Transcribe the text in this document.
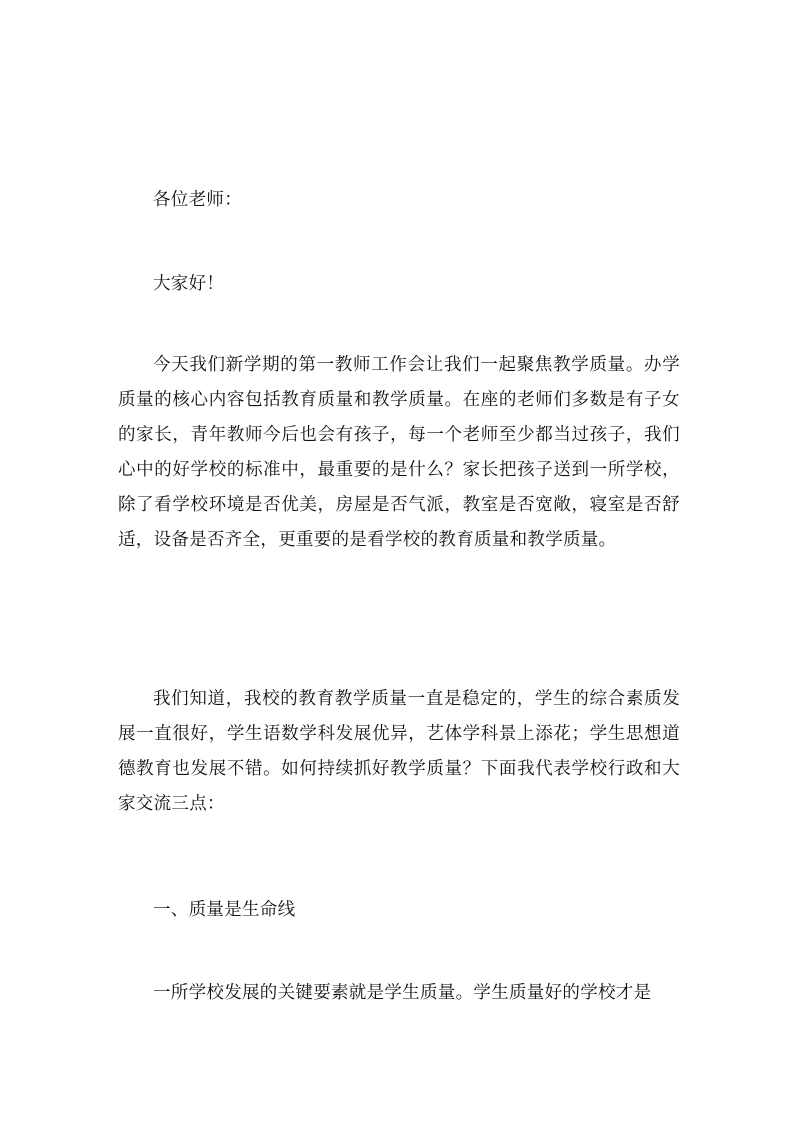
各位老师：

大家好！

今天我们新学期的第一教师工作会让我们一起聚焦教学质量。办学质量的核心内容包括教育质量和教学质量。在座的老师们多数是有子女的家长，青年教师今后也会有孩子，每一个老师至少都当过孩子，我们心中的好学校的标准中，最重要的是什么？家长把孩子送到一所学校，除了看学校环境是否优美，房屋是否气派，教室是否宽敞，寝室是否舒适，设备是否齐全，更重要的是看学校的教育质量和教学质量。

我们知道，我校的教育教学质量一直是稳定的，学生的综合素质发展一直很好，学生语数学科发展优异，艺体学科景上添花；学生思想道德教育也发展不错。如何持续抓好教学质量？下面我代表学校行政和大家交流三点：

一、质量是生命线

一所学校发展的关键要素就是学生质量。学生质量好的学校才是
